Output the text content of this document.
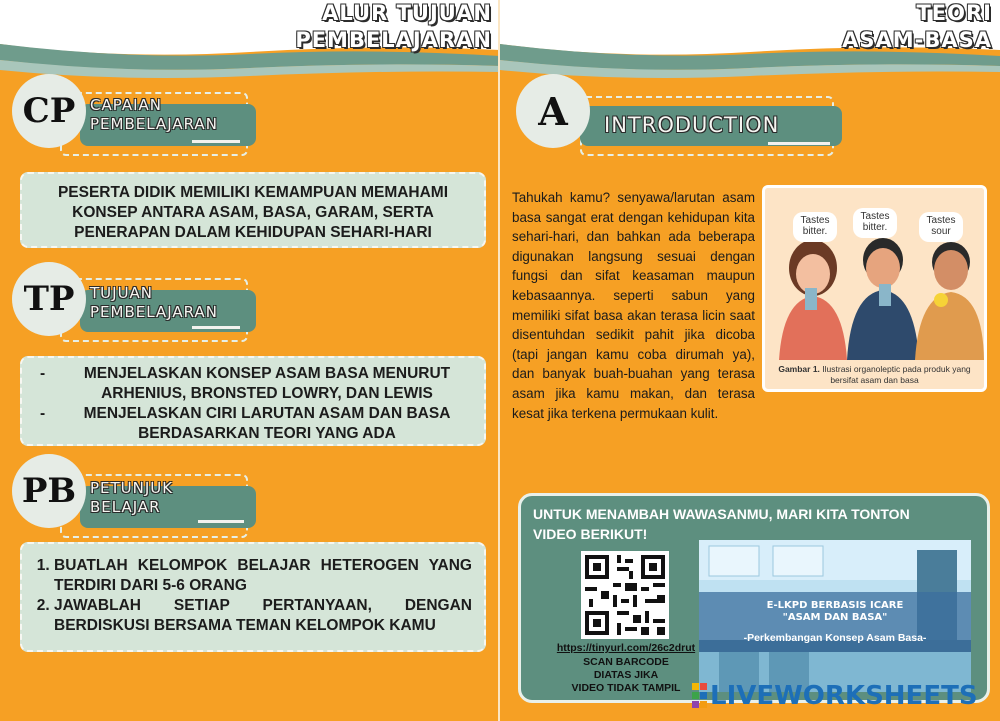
ALUR TUJUAN
PEMBELAJARAN
CP CAPAIAN
PEMBELAJARAN
PESERTA DIDIK MEMILIKI KEMAMPUAN MEMAHAMI KONSEP ANTARA ASAM, BASA, GARAM, SERTA PENERAPAN DALAM KEHIDUPAN SEHARI-HARI
TP	TUJUAN
PEMBELAJARAN
- MENJELASKAN KONSEP ASAM BASA MENURUT ARHENIUS, BRONSTED LOWRY, DAN LEWIS
- MENJELASKAN CIRI LARUTAN ASAM DAN BASA BERDASARKAN TEORI YANG ADA
PB PETUNJUK
BELAJAR
1. BUATLAH KELOMPOK BELAJAR HETEROGEN YANG TERDIRI DARI 5-6 ORANG
2. JAWABLAH SETIAP PERTANYAAN, DENGAN BERDISKUSI BERSAMA TEMAN KELOMPOK KAMU
TEORI
ASAM-BASA
A	INTRODUCTION
Tahukah kamu? senyawa/larutan asam basa sangat erat dengan kehidupan kita sehari-hari, dan bahkan ada beberapa digunakan langsung sesuai dengan fungsi dan sifat keasaman maupun kebasaannya. seperti sabun yang memiliki sifat basa akan terasa licin saat disentuhdan sedikit pahit jika dicoba (tapi jangan kamu coba dirumah ya), dan banyak buah-buahan yang terasa asam jika kamu makan, dan terasa kesat jika terkena permukaan kulit.
Tastes bitter.
Tastes bitter.
Tastes sour
Gambar 1. Ilustrasi organoleptic pada produk yang bersifat asam dan basa
UNTUK MENAMBAH WAWASANMU, MARI KITA TONTON VIDEO BERIKUT!
https://tinyurl.com/26c2drut
SCAN BARCODE
DIATAS JIKA
VIDEO TIDAK TAMPIL
E-LKPD BERBASIS ICARE
"ASAM DAN BASA"
-Perkembangan Konsep Asam Basa-
LIVEWORKSHEETS
